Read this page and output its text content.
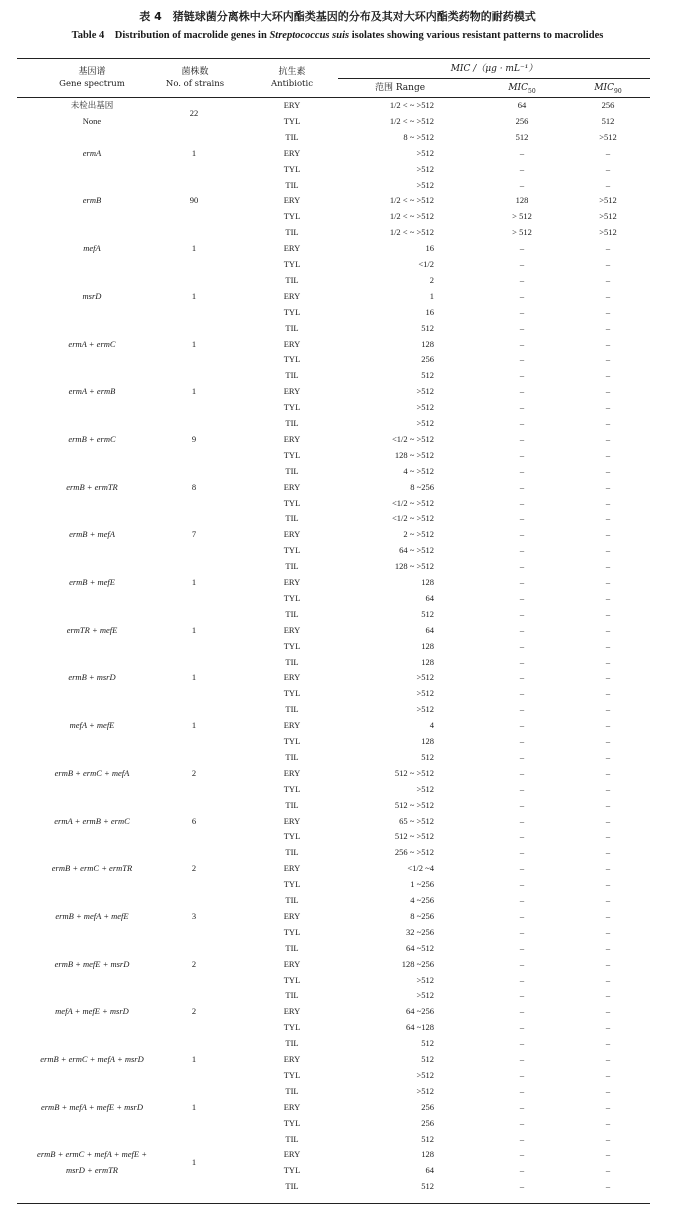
表 4　猪链球菌分离株中大环内酯类基因的分布及其对大环内酯类药物的耐药模式
Table 4　Distribution of macrolide genes in Streptococcus suis isolates showing various resistant patterns to macrolides
基因谱
Gene spectrum
菌株数
No. of strains
抗生素
Antibiotic
MIC /（μg · mL⁻¹）
范围 Range	$MIC_{50}$	$MIC_{90}$
未检出基因
None
22
ERY	1/2 < ~ >512	64	256
TYL	1/2 < ~ >512	256	512
TIL	8 ~ >512	512	>512
ermA	1	ERY	>512	–	–
TYL	>512	–	–
TIL	>512	–	–
ermB	90	ERY	1/2 < ~ >512	128	>512
TYL	1/2 < ~ >512	> 512	>512
TIL	1/2 < ~ >512	> 512	>512
mefA	1	ERY	16	–	–
TYL	<1/2	–	–
TIL	2	–	–
msrD	1	ERY	1	–	–
TYL	16	–	–
TIL	512	–	–
ermA + ermC	1	ERY	128	–	–
TYL	256	–	–
TIL	512	–	–
ermA + ermB	1	ERY	>512	–	–
TYL	>512	–	–
TIL	>512	–	–
ermB + ermC	9	ERY	<1/2 ~ >512	–	–
TYL	128 ~ >512	–	–
TIL	4 ~ >512	–	–
ermB + ermTR	8	ERY	8 ~256	–	–
TYL	<1/2 ~ >512	–	–
TIL	<1/2 ~ >512	–	–
ermB + mefA	7	ERY	2 ~ >512	–	–
TYL	64 ~ >512	–	–
TIL	128 ~ >512	–	–
ermB + mefE	1	ERY	128	–	–
TYL	64	–	–
TIL	512	–	–
ermTR + mefE	1	ERY	64	–	–
TYL	128	–	–
TIL	128	–	–
ermB + msrD	1	ERY	>512	–	–
TYL	>512	–	–
TIL	>512	–	–
mefA + mefE	1	ERY	4	–	–
TYL	128	–	–
TIL	512	–	–
ermB + ermC + mefA	2	ERY	512 ~ >512	–	–
TYL	>512	–	–
TIL	512 ~ >512	–	–
ermA + ermB + ermC	6	ERY	65 ~ >512	–	–
TYL	512 ~ >512	–	–
TIL	256 ~ >512	–	–
ermB + ermC + ermTR	2	ERY	<1/2 ~4	–	–
TYL	1 ~256	–	–
TIL	4 ~256	–	–
ermB + mefA + mefE	3	ERY	8 ~256	–	–
TYL	32 ~256	–	–
TIL	64 ~512	–	–
ermB + mefE + msrD	2	ERY	128 ~256	–	–
TYL	>512	–	–
TIL	>512	–	–
mefA + mefE + msrD	2	ERY	64 ~256	–	–
TYL	64 ~128	–	–
TIL	512	–	–
ermB + ermC + mefA + msrD	1	ERY	512	–	–
TYL	>512	–	–
TIL	>512	–	–
ermB + mefA + mefE + msrD	1	ERY	256	–	–
TYL	256	–	–
TIL	512	–	–
ermB + ermC + mefA + mefE +
msrD + ermTR
1
ERY	128	–	–
TYL	64	–	–
TIL	512	–	–
